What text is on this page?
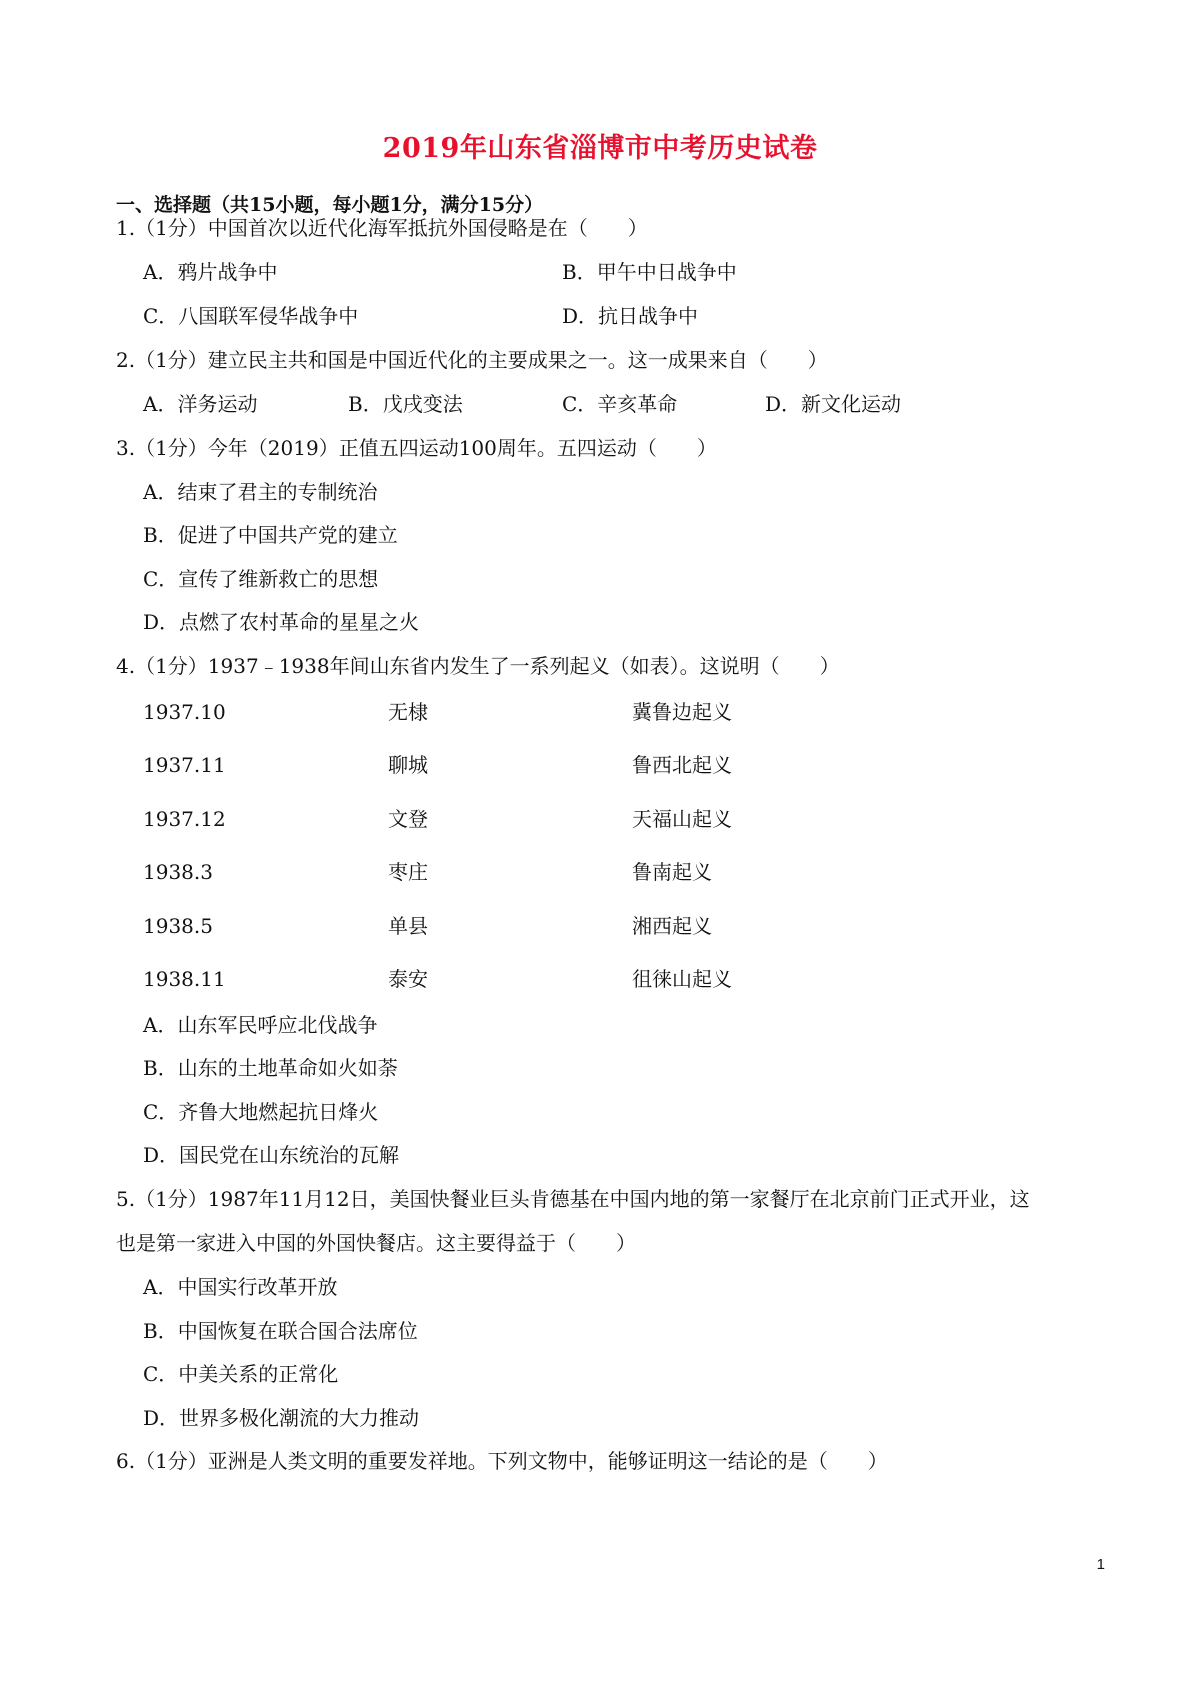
2019年山东省淄博市中考历史试卷
一、选择题（共15小题，每小题1分，满分15分）
1.（1分）中国首次以近代化海军抵抗外国侵略是在（　　）
A．鸦片战争中	B．甲午中日战争中
C．八国联军侵华战争中	D．抗日战争中
2.（1分）建立民主共和国是中国近代化的主要成果之一。这一成果来自（　　）
A．洋务运动	B．戊戌变法	C．辛亥革命	D．新文化运动
3.（1分）今年（2019）正值五四运动100周年。五四运动（　　）
A．结束了君主的专制统治
B．促进了中国共产党的建立
C．宣传了维新救亡的思想
D．点燃了农村革命的星星之火
4.（1分）1937﹣1938年间山东省内发生了一系列起义（如表）。这说明（　　）
1937.10	无棣	冀鲁边起义
1937.11	聊城	鲁西北起义
1937.12	文登	天福山起义
1938.3	枣庄	鲁南起义
1938.5	单县	湘西起义
1938.11	泰安	徂徕山起义
A．山东军民呼应北伐战争
B．山东的土地革命如火如荼
C．齐鲁大地燃起抗日烽火
D．国民党在山东统治的瓦解
5.（1分）1987年11月12日，美国快餐业巨头肯德基在中国内地的第一家餐厅在北京前门正式开业，这
也是第一家进入中国的外国快餐店。这主要得益于（　　）
A．中国实行改革开放
B．中国恢复在联合国合法席位
C．中美关系的正常化
D．世界多极化潮流的大力推动
6.（1分）亚洲是人类文明的重要发祥地。下列文物中，能够证明这一结论的是（　　）
1
